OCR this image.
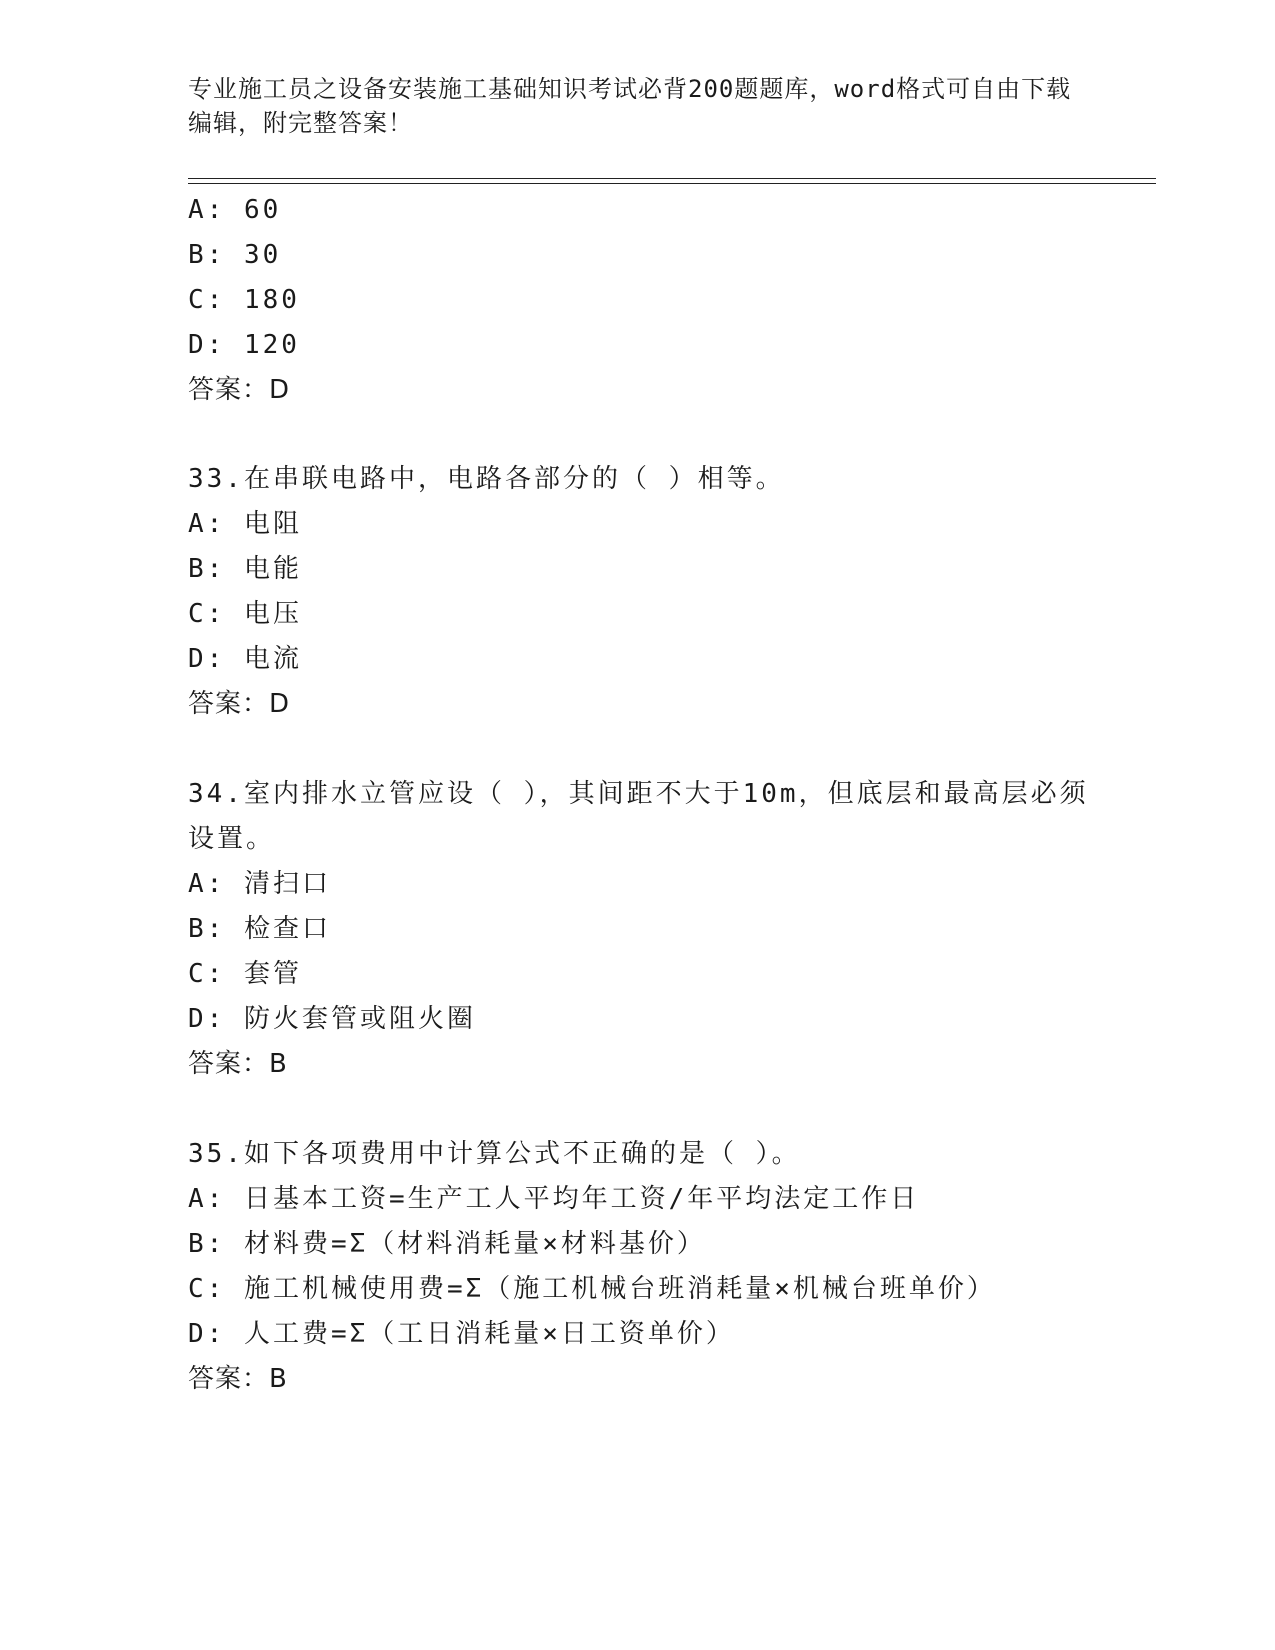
专业施工员之设备安装施工基础知识考试必背200题题库，word格式可自由下载
编辑，附完整答案！
A: 60
B: 30
C: 180
D: 120
答案：D
33.在串联电路中，电路各部分的（ ）相等。
A: 电阻
B: 电能
C: 电压
D: 电流
答案：D
34.室内排水立管应设（ ），其间距不大于10m，但底层和最高层必须
设置。
A: 清扫口
B: 检查口
C: 套管
D: 防火套管或阻火圈
答案：B
35.如下各项费用中计算公式不正确的是（ ）。
A: 日基本工资=生产工人平均年工资/年平均法定工作日
B: 材料费=Σ（材料消耗量×材料基价）
C: 施工机械使用费=Σ（施工机械台班消耗量×机械台班单价）
D: 人工费=Σ（工日消耗量×日工资单价）
答案：B
